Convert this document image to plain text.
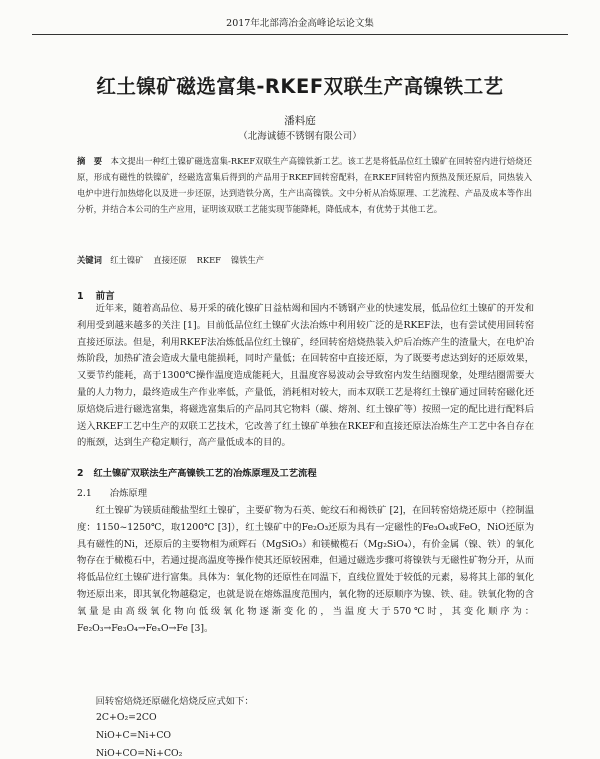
2017年北部湾冶金高峰论坛论文集
红土镍矿磁选富集-RKEF双联生产高镍铁工艺
潘料庭
（北海诚德不锈钢有限公司）

摘　要　 本文提出一种红土镍矿磁选富集-RKEF双联生产高镍铁新工艺。该工艺是将低品位红土镍矿在回转窑内进行焙烧还原，形成有磁性的铁镍矿，经磁选富集后得到的产品用于RKEF回转窑配料，在RKEF回转窑内预热及预还原后，同热装入电炉中进行加热熔化以及进一步还原，达到造铁分离，生产出高镍铁。文中分析从冶炼原理、工艺流程、产品及成本等作出分析，并结合本公司的生产应用，证明该双联工艺能实现节能降耗，降低成本，有优势于其他工艺。

关键词　 红土镍矿 直接还原 RKEF 镍铁生产

1 前言

近年来，随着高品位、易开采的硫化镍矿日益枯竭和国内不锈钢产业的快速发展，低品位红土镍矿的开发和利用受到越来越多的关注 [1]。目前低品位红土镍矿火法冶炼中利用较广泛的是RKEF法，也有尝试使用回转窑直接还原法。但是，利用RKEF法冶炼低品位红土镍矿，经回转窑焙烧热装入炉后冶炼产生的渣量大，在电炉冶炼阶段，加热矿渣会造成大量电能损耗，同时产量低；在回转窑中直接还原，为了既要考虑达到好的还原效果，又要节约能耗，高于1300℃操作温度造成能耗大，且温度容易波动会导致窑内发生结圈现象，处理结圈需要大量的人力物力，最终造成生产作业率低，产量低，消耗相对较大，而本双联工艺是将红土镍矿通过回转窑磁化还原焙烧后进行磁选富集，将磁选富集后的产品同其它物料（碳、熔剂、红土镍矿等）按照一定的配比进行配料后送入RKEF工艺中生产的双联工艺技术，它改善了红土镍矿单独在RKEF和直接还原法冶炼生产工艺中各自存在的瓶颈，达到生产稳定顺行，高产量低成本的目的。

2 红土镍矿双联法生产高镍铁工艺的冶炼原理及工艺流程

2.1 冶炼原理

红土镍矿为镁质硅酸盐型红土镍矿，主要矿物为石英、蛇纹石和褐铁矿 [2]，在回转窑焙烧还原中（控制温度：1150~1250℃，取1200℃ [3]），红土镍矿中的Fe₂O₃还原为具有一定磁性的Fe₃O₄或FeO，NiO还原为具有磁性的Ni，还原后的主要物相为顽辉石（MgSiO₃）和镁橄榄石（Mg₂SiO₄），有价金属（镍、铁）的氧化物存在于橄榄石中，若通过提高温度等操作使其还原较困难，但通过磁选步骤可将镍铁与无磁性矿物分开，从而将低品位红土镍矿进行富集。具体为：氧化物的还原性在同温下，直线位置处于较低的元素，易将其上部的氧化物还原出来，即其氧化物越稳定，也就是说在熔炼温度范围内，氧化物的还原顺序为镍、铁、硅。铁氧化物的含氧量是由高级氧化物向低级氧化物逐渐变化的，当温度大于570℃时，其变化顺序为：Fe₂O₃→Fe₃O₄→FeₓO→Fe [3]。

回转窑焙烧还原磁化焙烧反应式如下：

2C+O₂=2CO

NiO+C=Ni+CO

NiO+CO=Ni+CO₂
